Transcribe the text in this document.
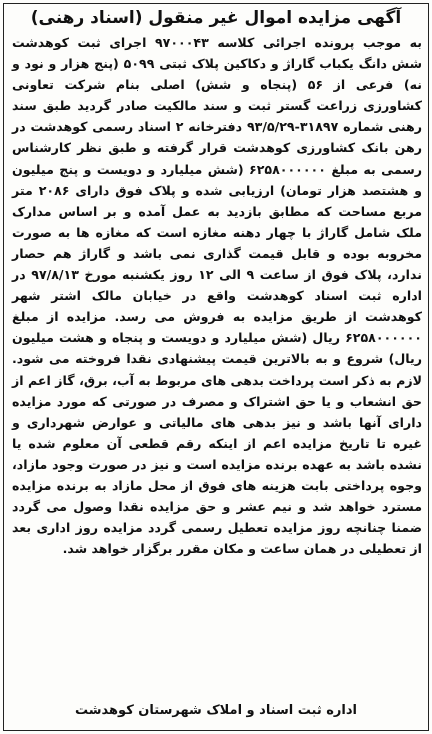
آگهی مزایده اموال غیر منقول (اسناد رهنی)
به موجب پرونده اجرائی کلاسه ۹۷۰۰۰۴۳ اجرای ثبت کوهدشت شش دانگ یکباب گاراژ و دکاکین پلاک ثبتی ۵۰۹۹ (پنج هزار و نود و نه) فرعی از ۵۶ (پنجاه و شش) اصلی بنام شرکت تعاونی کشاورزی زراعت گستر ثبت و سند مالکیت صادر گردید طبق سند رهنی شماره ۳۱۸۹۷-۹۳/۵/۲۹ دفترخانه ۲ اسناد رسمی کوهدشت در رهن بانک کشاورزی کوهدشت قرار گرفته و طبق نظر کارشناس رسمی به مبلغ ۶۲۵۸۰۰۰۰۰۰ (شش میلیارد و دویست و پنج میلیون و هشتصد هزار تومان) ارزیابی شده و پلاک فوق دارای ۲۰۸۶ متر مربع مساحت که مطابق بازدید به عمل آمده و بر اساس مدارک ملک شامل گاراژ با چهار دهنه مغازه است که مغازه ها به صورت مخروبه بوده و قابل قیمت گذاری نمی باشد و گاراژ هم حصار ندارد، پلاک فوق از ساعت ۹ الی ۱۲ روز یکشنبه مورخ ۹۷/۸/۱۳ در اداره ثبت اسناد کوهدشت واقع در خیابان مالک اشتر شهر کوهدشت از طریق مزایده به فروش می رسد. مزایده از مبلغ ۶۲۵۸۰۰۰۰۰۰ ریال (شش میلیارد و دویست و پنجاه و هشت میلیون ریال) شروع و به بالاترین قیمت پیشنهادی نقدا فروخته می شود. لازم به ذکر است پرداخت بدهی های مربوط به آب، برق، گاز اعم از حق انشعاب و یا حق اشتراک و مصرف در صورتی که مورد مزایده دارای آنها باشد و نیز بدهی های مالیاتی و عوارض شهرداری و غیره تا تاریخ مزایده اعم از اینکه رقم قطعی آن معلوم شده یا نشده باشد به عهده برنده مزایده است و نیز در صورت وجود مازاد، وجوه پرداختی بابت هزینه های فوق از محل مازاد به برنده مزایده مسترد خواهد شد و نیم عشر و حق مزایده نقدا وصول می گردد ضمنا چنانچه روز مزایده تعطیل رسمی گردد مزایده روز اداری بعد از تعطیلی در همان ساعت و مکان مقرر برگزار خواهد شد.
اداره ثبت اسناد و املاک شهرستان کوهدشت
